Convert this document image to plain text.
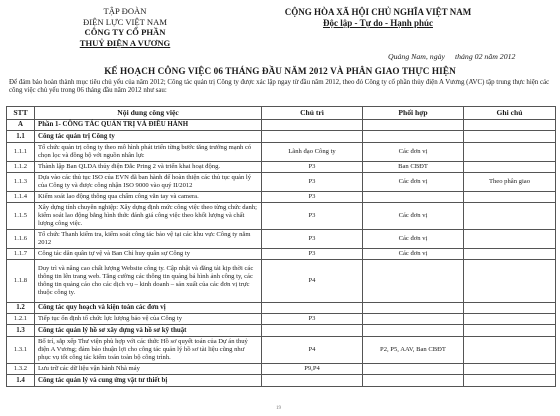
TẬP ĐOÀN
ĐIỆN LỰC VIỆT NAM
CÔNG TY CỔ PHẦN
THUỶ ĐIỆN A VƯƠNG
CỘNG HÒA XÃ HỘI CHỦ NGHĨA VIỆT NAM
Độc lập - Tự do - Hạnh phúc
Quảng Nam, ngày tháng 02 năm 2012
KẾ HOẠCH CÔNG VIỆC 06 THÁNG ĐẦU NĂM 2012 VÀ PHÂN GIAO THỰC HIỆN
Để đảm bảo hoàn thành mục tiêu chủ yếu của năm 2012; Công tác quản trị Công ty được xác lập ngay từ đầu năm 2012, theo đó Công ty cổ phần thủy điện A Vương (AVC) tập trung thực hiện các công việc chủ yếu trong 06 tháng đầu năm 2012 như sau:
STT	Nội dung công việc	Chủ trì	Phối hợp	Ghi chú
A	Phần 1- CÔNG TÁC QUẢN TRỊ VÀ ĐIỀU HÀNH			
1.1	Công tác quản trị Công ty			
1.1.1	Tổ chức quản trị công ty theo mô hình phát triển từng bước tăng trưởng mạnh có chọn lọc và đồng bộ với nguồn nhân lực	Lãnh đạo Công ty	Các đơn vị	
1.1.2	Thành lập Ban QLDA thủy điện Đắc Pring 2 và triển khai hoạt động.	P3	Ban CBĐT	
1.1.3	Dựa vào các thủ tục ISO của EVN đã ban hành để hoàn thiện các thủ tục quản lý của Công ty và được công nhận ISO 9000 vào quý II/2012	P3	Các đơn vị	Theo phân giao
1.1.4	Kiểm soát lao động thông qua chấm công văn tay và camera.	P3		
1.1.5	Xây dựng tính chuyên nghiệp: Xây dựng định mức công việc theo từng chức danh; kiểm soát lao động bằng hình thức đánh giá công việc theo khối lượng và chất lượng công việc.	P3	Các đơn vị	
1.1.6	Tổ chức Thanh kiểm tra, kiểm soát công tác bảo vệ tại các khu vực Công ty năm 2012	P3	Các đơn vị	
1.1.7	Công tác dân quân tự vệ và Ban Chỉ huy quân sự Công ty	P3	Các đơn vị	
1.1.8	Duy trì và nâng cao chất lượng Website công ty. Cập nhật và đăng tải kịp thời các thông tin lên trang web. Tăng cường các thông tin quảng bá hình ảnh công ty, các thông tin quảng cáo cho các dịch vụ – kinh doanh – sản xuất của các đơn vị trực thuộc công ty.	P4		
1.2	Công tác quy hoạch và kiện toàn các đơn vị			
1.2.1	Tiếp tục ổn định tổ chức lực lượng bảo vệ của Công ty	P3		
1.3	Công tác quản lý hồ sơ xây dựng và hồ sơ kỹ thuật			
1.3.1	Bố trí, sắp xếp Thư viện phù hợp với các thức Hồ sơ quyết toán của Dự án thuỷ điện A Vương; đảm bảo thuận lợi cho công tác quản lý hồ sơ tài liệu cũng như phục vụ tốt công tác kiểm toán toàn bộ công trình.	P4	P2, P5, AAV, Ban CBĐT	
1.3.2	Lưu trữ các dữ liệu vận hành Nhà máy	P9,P4		
1.4	Công tác quản lý và cung ứng vật tư thiết bị			
19
